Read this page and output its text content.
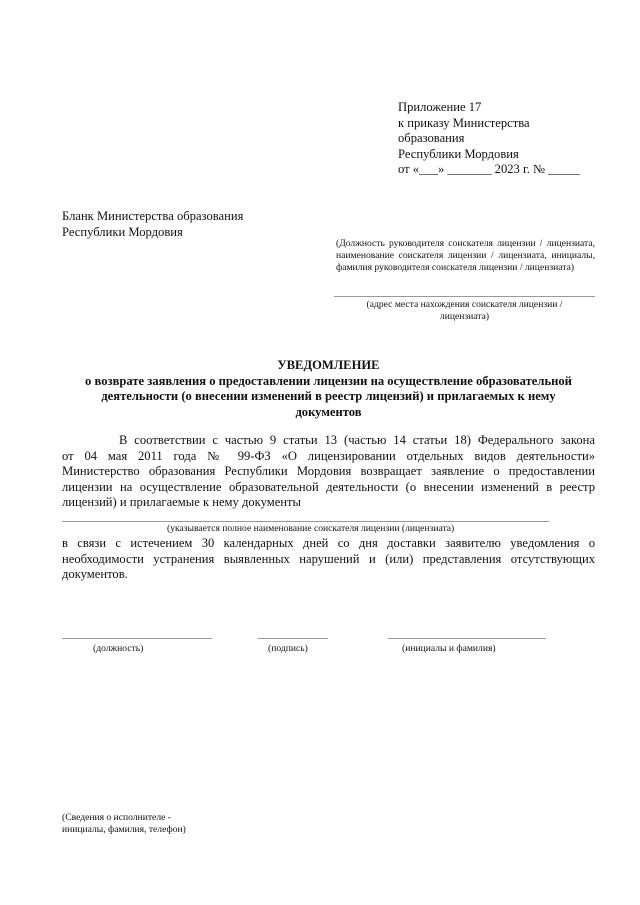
Приложение 17
к приказу Министерства
образования
Республики Мордовия
от «___» _______ 2023 г. № _____
Бланк Министерства образования
Республики Мордовия
(Должность руководителя соискателя лицензии / лицензиата, наименование соискателя лицензии / лицензиата, инициалы, фамилия руководителя соискателя лицензии / лицензиата)
(адрес места нахождения соискателя лицензии /
лицензиата)
УВЕДОМЛЕНИЕ
о возврате заявления о предоставлении лицензии на осуществление образовательной
деятельности (о внесении изменений в реестр лицензий) и прилагаемых к нему
документов
В соответствии с частью 9 статьи 13 (частью 14 статьи 18) Федерального закона
от 04 мая 2011 года № 99-ФЗ «О лицензировании отдельных видов деятельности»
Министерство образования Республики Мордовия возвращает заявление о предоставлении
лицензии на осуществление образовательной деятельности (о внесении изменений в реестр
лицензий) и прилагаемые к нему документы
(указывается полное наименование соискателя лицензии (лицензиата)
в связи с истечением 30 календарных дней со дня доставки заявителю уведомления о
необходимости устранения выявленных нарушений и (или) представления отсутствующих
документов.
(должность)	(подпись)	(инициалы и фамилия)
(Сведения о исполнителе -
инициалы, фамилия, телефон)
